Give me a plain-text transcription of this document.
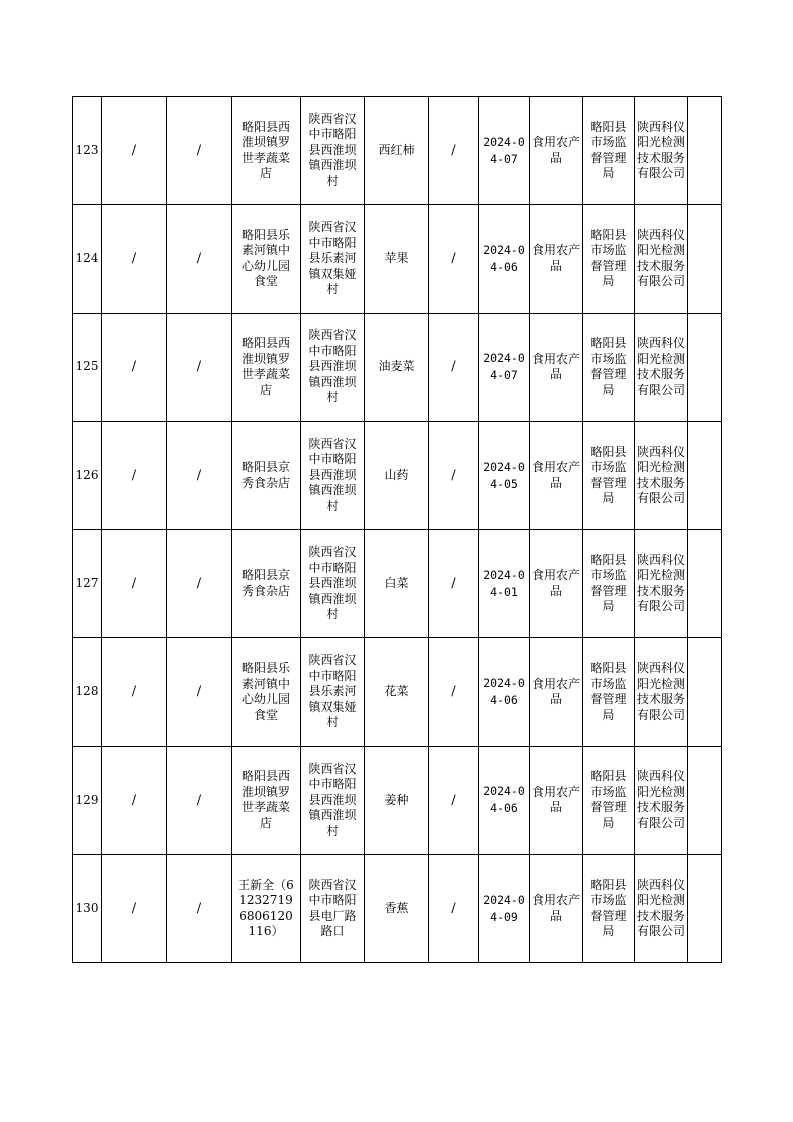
123	/	/	略阳县西淮坝镇罗世孝蔬菜店	陕西省汉中市略阳县西淮坝镇西淮坝村	西红柿	/	2024-04-07	食用农产品	略阳县市场监督管理局	陕西科仪阳光检测技术服务有限公司	

124	/	/	略阳县乐素河镇中心幼儿园食堂	陕西省汉中市略阳县乐素河镇双集娅村	苹果	/	2024-04-06	食用农产品	略阳县市场监督管理局	陕西科仪阳光检测技术服务有限公司	

125	/	/	略阳县西淮坝镇罗世孝蔬菜店	陕西省汉中市略阳县西淮坝镇西淮坝村	油麦菜	/	2024-04-07	食用农产品	略阳县市场监督管理局	陕西科仪阳光检测技术服务有限公司	

126	/	/	略阳县京秀食杂店	陕西省汉中市略阳县西淮坝镇西淮坝村	山药	/	2024-04-05	食用农产品	略阳县市场监督管理局	陕西科仪阳光检测技术服务有限公司	

127	/	/	略阳县京秀食杂店	陕西省汉中市略阳县西淮坝镇西淮坝村	白菜	/	2024-04-01	食用农产品	略阳县市场监督管理局	陕西科仪阳光检测技术服务有限公司	

128	/	/	略阳县乐素河镇中心幼儿园食堂	陕西省汉中市略阳县乐素河镇双集娅村	花菜	/	2024-04-06	食用农产品	略阳县市场监督管理局	陕西科仪阳光检测技术服务有限公司	

129	/	/	略阳县西淮坝镇罗世孝蔬菜店	陕西省汉中市略阳县西淮坝镇西淮坝村	姜种	/	2024-04-06	食用农产品	略阳县市场监督管理局	陕西科仪阳光检测技术服务有限公司	

130	/	/	王新全（612327196806120116）	陕西省汉中市略阳县电厂路路口	香蕉	/	2024-04-09	食用农产品	略阳县市场监督管理局	陕西科仪阳光检测技术服务有限公司	
